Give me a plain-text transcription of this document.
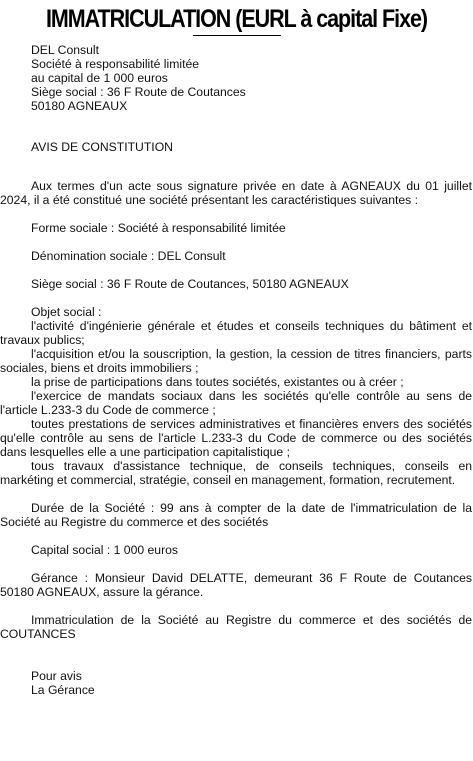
IMMATRICULATION (EURL à capital Fixe)
DEL Consult
Société à responsabilité limitée
au capital de 1 000 euros
Siège social : 36 F Route de Coutances
50180 AGNEAUX
AVIS DE CONSTITUTION
Aux termes d'un acte sous signature privée en date à AGNEAUX du 01 juillet 2024, il a été constitué une société présentant les caractéristiques suivantes :
Forme sociale : Société à responsabilité limitée
Dénomination sociale : DEL Consult
Siège social : 36 F Route de Coutances, 50180 AGNEAUX
Objet social :
l'activité d'ingénierie générale et études et conseils techniques du bâtiment et travaux publics;
l'acquisition et/ou la souscription, la gestion, la cession de titres financiers, parts sociales, biens et droits immobiliers ;
la prise de participations dans toutes sociétés, existantes ou à créer ;
l'exercice de mandats sociaux dans les sociétés qu'elle contrôle au sens de l'article L.233-3 du Code de commerce ;
toutes prestations de services administratives et financières envers des sociétés qu'elle contrôle au sens de l'article L.233-3 du Code de commerce ou des sociétés dans lesquelles elle a une participation capitalistique ;
tous travaux d'assistance technique, de conseils techniques, conseils en markéting et commercial, stratégie, conseil en management, formation, recrutement.
Durée de la Société : 99 ans à compter de la date de l'immatriculation de la Société au Registre du commerce et des sociétés
Capital social : 1 000 euros
Gérance : Monsieur David DELATTE, demeurant 36 F Route de Coutances 50180 AGNEAUX, assure la gérance.
Immatriculation de la Société au Registre du commerce et des sociétés de COUTANCES
Pour avis
La Gérance
